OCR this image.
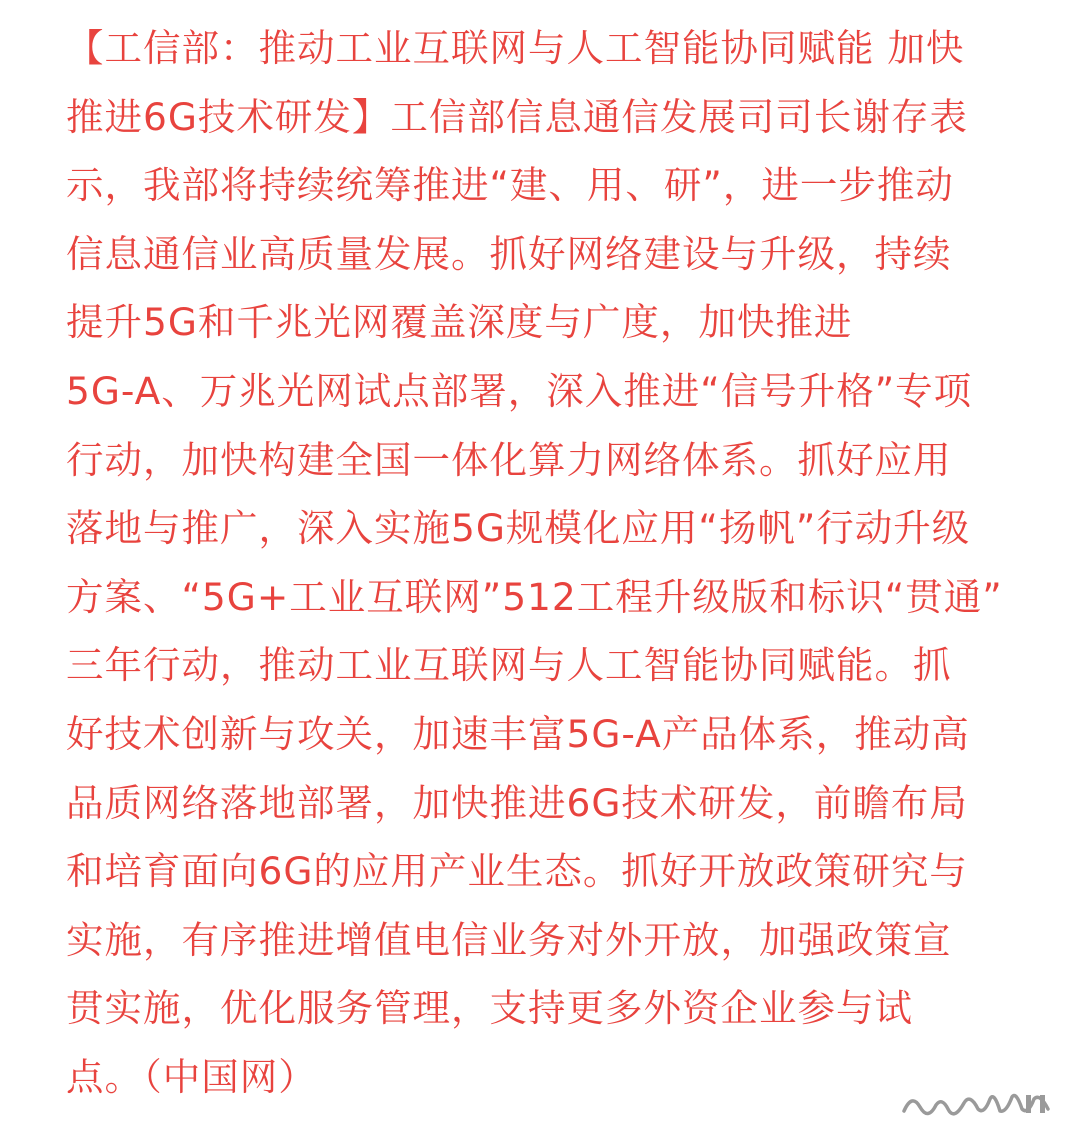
【工信部：推动工业互联网与人工智能协同赋能 加快
推进6G技术研发】工信部信息通信发展司司长谢存表
示，我部将持续统筹推进“建、用、研”，进一步推动
信息通信业高质量发展。抓好网络建设与升级，持续
提升5G和千兆光网覆盖深度与广度，加快推进
5G-A、万兆光网试点部署，深入推进“信号升格”专项
行动，加快构建全国一体化算力网络体系。抓好应用
落地与推广，深入实施5G规模化应用“扬帆”行动升级
方案、“5G+工业互联网”512工程升级版和标识“贯通”
三年行动，推动工业互联网与人工智能协同赋能。抓
好技术创新与攻关，加速丰富5G-A产品体系，推动高
品质网络落地部署，加快推进6G技术研发，前瞻布局
和培育面向6G的应用产业生态。抓好开放政策研究与
实施，有序推进增值电信业务对外开放，加强政策宣
贯实施，优化服务管理，支持更多外资企业参与试
点。（中国网）
